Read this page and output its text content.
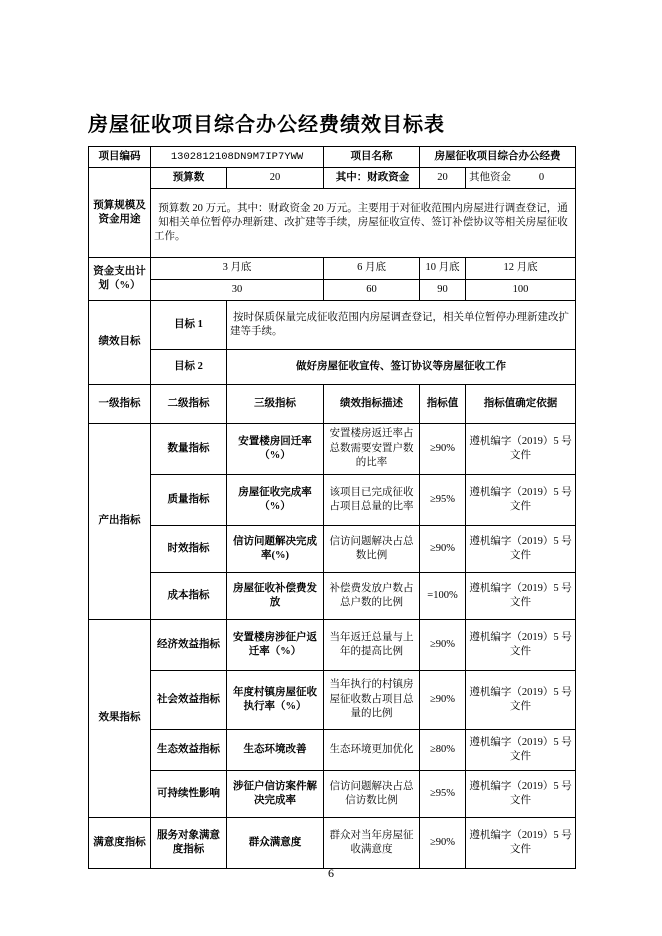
房屋征收项目综合办公经费绩效目标表
项目编码	1302812108DN9M7IP7YWW		项目名称	房屋征收项目综合办公经费	
预算规模及资金用途	预算数	20	其中：财政资金	20	其他资金 0

	预算数 20 万元。其中：财政资金 20 万元。主要用于对征收范围内房屋进行调查登记，通知相关单位暂停办理新建、改扩建等手续，房屋征收宣传、签订补偿协议等相关房屋征收工作。				
资金支出计划（%）	3 月底		6 月底	10 月底	12 月底
	30		60	90	100
绩效目标	目标 1	按时保质保量完成征收范围内房屋调查登记，相关单位暂停办理新建改扩建等手续。			
	目标 2	做好房屋征收宣传、签订协议等房屋征收工作			
一级指标	二级指标	三级指标	绩效指标描述	指标值	指标值确定依据
产出指标	数量指标	安置楼房回迁率（%）	安置楼房返迁率占总数需要安置户数的比率	≥90%	遵机编字（2019）5 号文件
	质量指标	房屋征收完成率（%）	该项目已完成征收占项目总量的比率	≥95%	遵机编字（2019）5 号文件
	时效指标	信访问题解决完成率(%)	信访问题解决占总数比例	≥90%	遵机编字（2019）5 号文件
	成本指标	房屋征收补偿费发放	补偿费发放户数占总户数的比例	=100%	遵机编字（2019）5 号文件
效果指标	经济效益指标	安置楼房涉征户返迁率（%）	当年返迁总量与上年的提高比例	≥90%	遵机编字（2019）5 号文件
	社会效益指标	年度村镇房屋征收执行率（%）	当年执行的村镇房屋征收数占项目总量的比例	≥90%	遵机编字（2019）5 号文件
	生态效益指标	生态环境改善	生态环境更加优化	≥80%	遵机编字（2019）5 号文件
	可持续性影响	涉征户信访案件解决完成率	信访问题解决占总信访数比例	≥95%	遵机编字（2019）5 号文件
满意度指标	服务对象满意度指标	群众满意度	群众对当年房屋征收满意度	≥90%	遵机编字（2019）5 号文件
6
